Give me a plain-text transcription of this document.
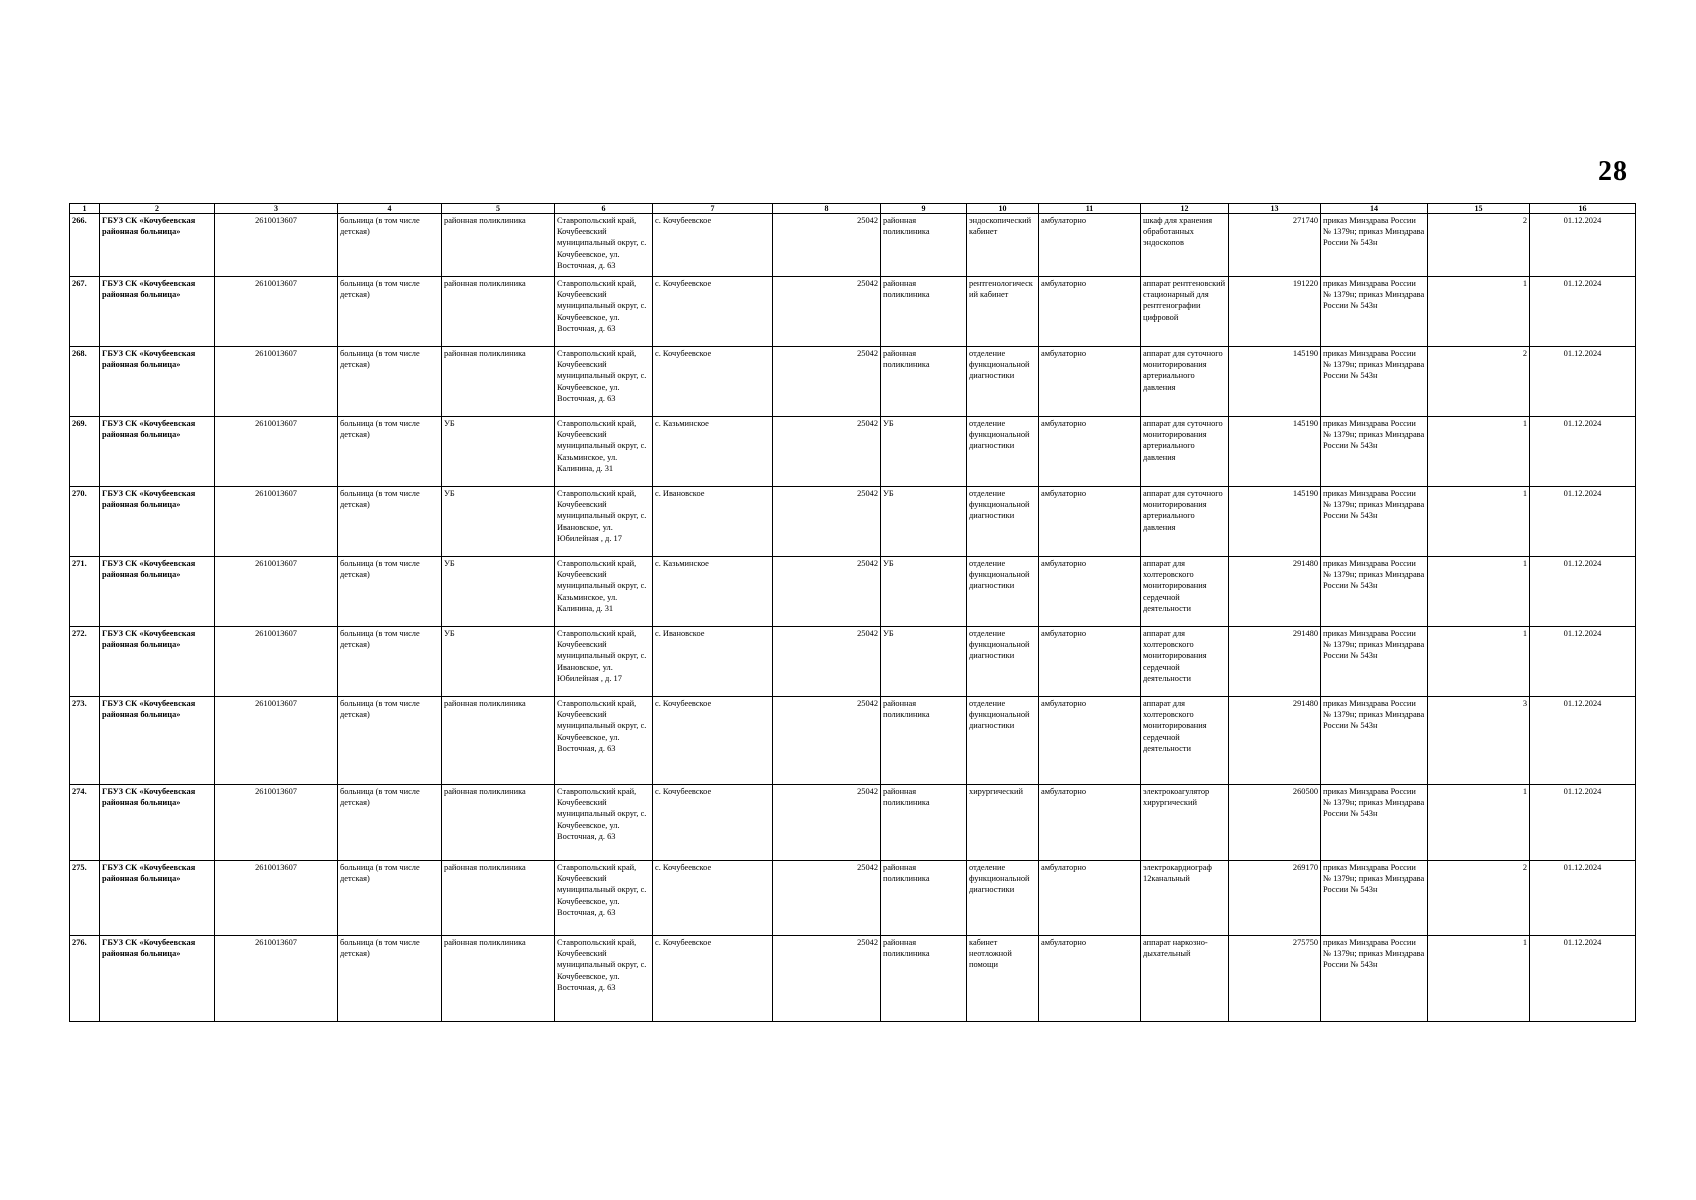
28
1	2	3	4	5	6	7	8	9	10	11	12	13	14	15	16
266.	ГБУЗ СК «Кочубеевская районная больница»	2610013607	больница (в том числе детская)	районная поликлиника	Ставропольский край, Кочубеевский муниципальный округ, с. Кочубеевское, ул. Восточная, д. 63	с. Кочубеевское	25042	районная поликлиника	эндоскопический кабинет	амбулаторно	шкаф для хранения обработанных эндоскопов	271740	приказ Минздрава России № 1379н; приказ Минздрава России № 543н	2	01.12.2024
267.	ГБУЗ СК «Кочубеевская районная больница»	2610013607	больница (в том числе детская)	районная поликлиника	Ставропольский край, Кочубеевский муниципальный округ, с. Кочубеевское, ул. Восточная, д. 63	с. Кочубеевское	25042	районная поликлиника	рентгенологический кабинет	амбулаторно	аппарат рентгеновский стационарный для рентгенографии цифровой	191220	приказ Минздрава России № 1379н; приказ Минздрава России № 543н	1	01.12.2024
268.	ГБУЗ СК «Кочубеевская районная больница»	2610013607	больница (в том числе детская)	районная поликлиника	Ставропольский край, Кочубеевский муниципальный округ, с. Кочубеевское, ул. Восточная, д. 63	с. Кочубеевское	25042	районная поликлиника	отделение функциональной диагностики	амбулаторно	аппарат для суточного мониторирования артериального давления	145190	приказ Минздрава России № 1379н; приказ Минздрава России № 543н	2	01.12.2024
269.	ГБУЗ СК «Кочубеевская районная больница»	2610013607	больница (в том числе детская)	УБ	Ставропольский край, Кочубеевский муниципальный округ, с. Казьминское, ул. Калинина, д. 31	с. Казьминское	25042	УБ	отделение функциональной диагностики	амбулаторно	аппарат для суточного мониторирования артериального давления	145190	приказ Минздрава России № 1379н; приказ Минздрава России № 543н	1	01.12.2024
270.	ГБУЗ СК «Кочубеевская районная больница»	2610013607	больница (в том числе детская)	УБ	Ставропольский край, Кочубеевский муниципальный округ, с. Ивановское, ул. Юбилейная , д. 17	с. Ивановское	25042	УБ	отделение функциональной диагностики	амбулаторно	аппарат для суточного мониторирования артериального давления	145190	приказ Минздрава России № 1379н; приказ Минздрава России № 543н	1	01.12.2024
271.	ГБУЗ СК «Кочубеевская районная больница»	2610013607	больница (в том числе детская)	УБ	Ставропольский край, Кочубеевский муниципальный округ, с. Казьминское, ул. Калинина, д. 31	с. Казьминское	25042	УБ	отделение функциональной диагностики	амбулаторно	аппарат для холтеровского мониторирования сердечной деятельности	291480	приказ Минздрава России № 1379н; приказ Минздрава России № 543н	1	01.12.2024
272.	ГБУЗ СК «Кочубеевская районная больница»	2610013607	больница (в том числе детская)	УБ	Ставропольский край, Кочубеевский муниципальный округ, с. Ивановское, ул. Юбилейная , д. 17	с. Ивановское	25042	УБ	отделение функциональной диагностики	амбулаторно	аппарат для холтеровского мониторирования сердечной деятельности	291480	приказ Минздрава России № 1379н; приказ Минздрава России № 543н	1	01.12.2024
273.	ГБУЗ СК «Кочубеевская районная больница»	2610013607	больница (в том числе детская)	районная поликлиника	Ставропольский край, Кочубеевский муниципальный округ, с. Кочубеевское, ул. Восточная, д. 63	с. Кочубеевское	25042	районная поликлиника	отделение функциональной диагностики	амбулаторно	аппарат для холтеровского мониторирования сердечной деятельности	291480	приказ Минздрава России № 1379н; приказ Минздрава России № 543н	3	01.12.2024
274.	ГБУЗ СК «Кочубеевская районная больница»	2610013607	больница (в том числе детская)	районная поликлиника	Ставропольский край, Кочубеевский муниципальный округ, с. Кочубеевское, ул. Восточная, д. 63	с. Кочубеевское	25042	районная поликлиника	хирургический	амбулаторно	электрокоагулятор хирургический	260500	приказ Минздрава России № 1379н; приказ Минздрава России № 543н	1	01.12.2024
275.	ГБУЗ СК «Кочубеевская районная больница»	2610013607	больница (в том числе детская)	районная поликлиника	Ставропольский край, Кочубеевский муниципальный округ, с. Кочубеевское, ул. Восточная, д. 63	с. Кочубеевское	25042	районная поликлиника	отделение функциональной диагностики	амбулаторно	электрокардиограф 12канальный	269170	приказ Минздрава России № 1379н; приказ Минздрава России № 543н	2	01.12.2024
276.	ГБУЗ СК «Кочубеевская районная больница»	2610013607	больница (в том числе детская)	районная поликлиника	Ставропольский край, Кочубеевский муниципальный округ, с. Кочубеевское, ул. Восточная, д. 63	с. Кочубеевское	25042	районная поликлиника	кабинет неотложной помощи	амбулаторно	аппарат наркозно-дыхательный	275750	приказ Минздрава России № 1379н; приказ Минздрава России № 543н	1	01.12.2024
